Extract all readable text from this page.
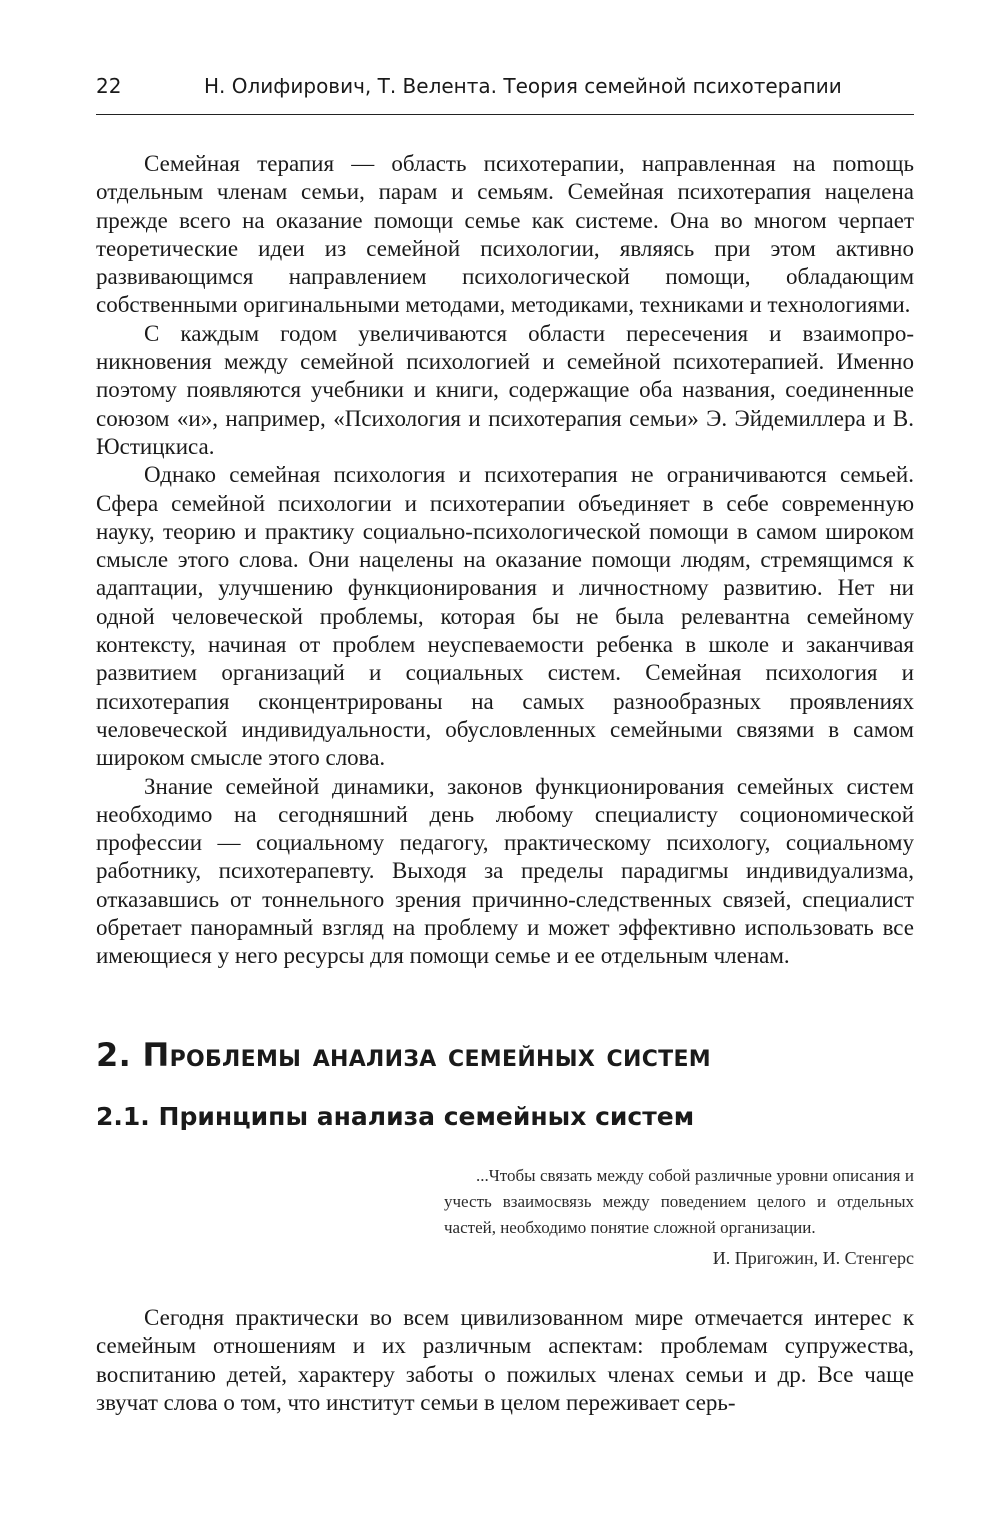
22	Н. Олифирович, Т. Велента. Теория семейной психотерапии

Семейная терапия — область психотерапии, направленная на поmощь отдельным членам семьи, парам и семьям. Семейная психотерапия нацелена прежде всего на оказание помощи семье как системе. Она во многом черпает теоретические идеи из семейной психологии, являясь при этом активно развивающимся направлением психологической помощи, обладающим собственными оригинальными методами, методиками, техниками и технологиями.

С каждым годом увеличиваются области пересечения и взаимопроникновения между семейной психологией и семейной психотерапией. Именно поэтому появляются учебники и книги, содержащие оба названия, соединенные союзом «и», например, «Психология и психотерапия семьи» Э. Эйдемиллера и В. Юстицкиса.

Однако семейная психология и психотерапия не ограничиваются семьей. Сфера семейной психологии и психотерапии объединяет в себе современную науку, теорию и практику социально-психологической помощи в самом широком смысле этого слова. Они нацелены на оказание помощи людям, стремящимся к адаптации, улучшению функционирования и личностному развитию. Нет ни одной человеческой проблемы, которая бы не была релевантна семейному контексту, начиная от проблем неуспеваемости ребенка в школе и заканчивая развитием организаций и социальных систем. Семейная психология и психотерапия сконцентрированы на самых разнообразных проявлениях человеческой индивидуальности, обусловленных семейными связями в самом широком смысле этого слова.

Знание семейной динамики, законов функционирования семейных систем необходимо на сегодняшний день любому специалисту социономической профессии — социальному педагогу, практическому психологу, социальному работнику, психотерапевту. Выходя за пределы парадигмы индивидуализма, отказавшись от тоннельного зрения причинно-следственных связей, специалист обретает панорамный взгляд на проблему и может эффективно использовать все имеющиеся у него ресурсы для помощи семье и ее отдельным членам.

2. Проблемы анализа семейных систем
2.1. Принципы анализа семейных систем

...Чтобы связать между собой различные уровни описания и учесть взаимосвязь между поведением целого и отдельных частей, необходимо понятие сложной организации.

И. Пригожин, И. Стенгерс

Сегодня практически во всем цивилизованном мире отмечается интерес к семейным отношениям и их различным аспектам: проблемам супружества, воспитанию детей, характеру заботы о пожилых членах семьи и др. Все чаще звучат слова о том, что институт семьи в целом переживает серь-
